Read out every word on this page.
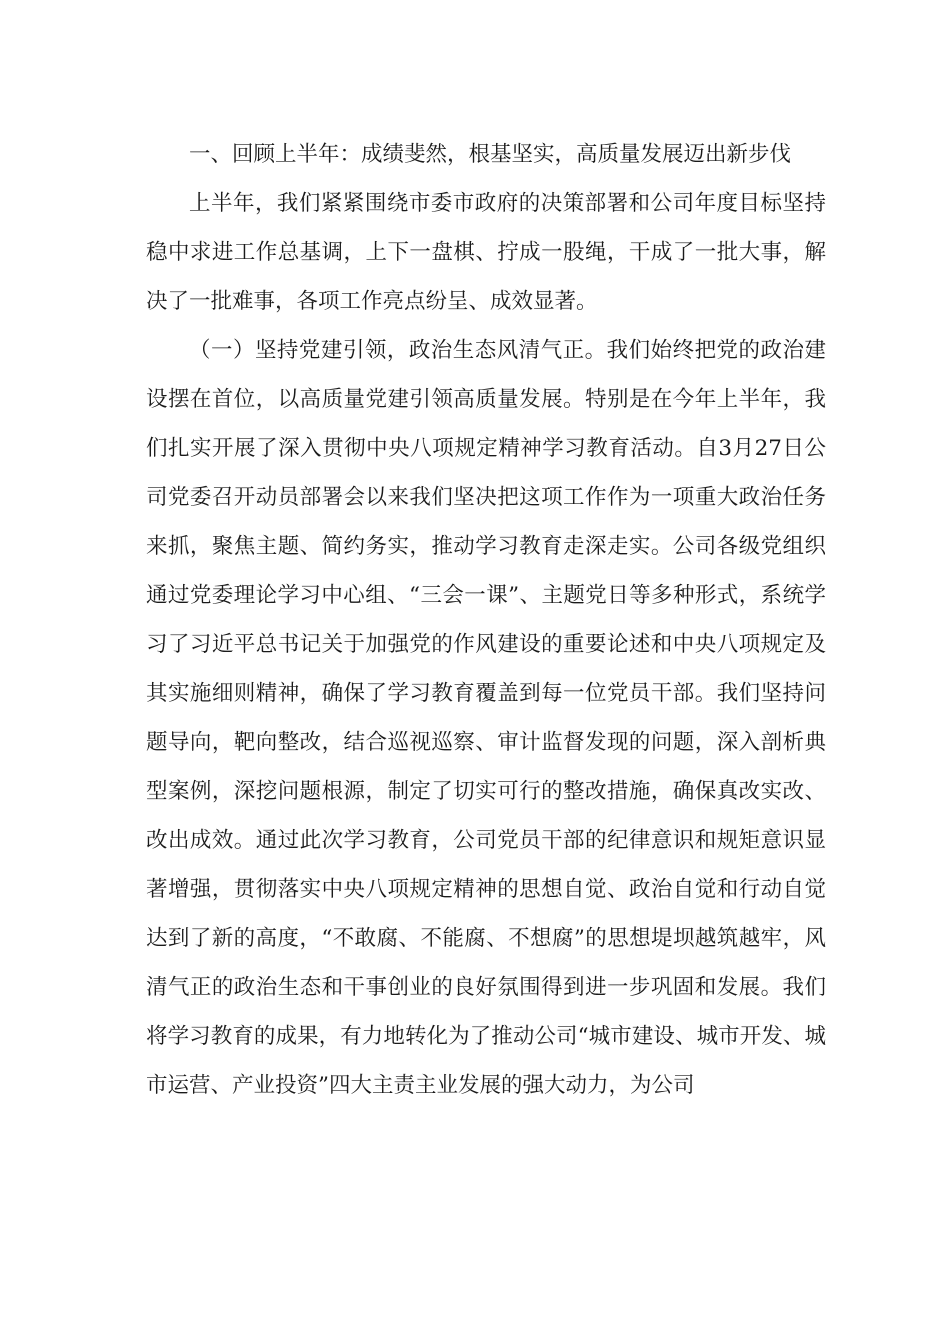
一、回顾上半年：成绩斐然，根基坚实，高质量发展迈出新步伐

上半年，我们紧紧围绕市委市政府的决策部署和公司年度目标坚持稳中求进工作总基调，上下一盘棋、拧成一股绳，干成了一批大事，解决了一批难事，各项工作亮点纷呈、成效显著。

（一）坚持党建引领，政治生态风清气正。我们始终把党的政治建设摆在首位，以高质量党建引领高质量发展。特别是在今年上半年，我们扎实开展了深入贯彻中央八项规定精神学习教育活动。自3月27日公司党委召开动员部署会以来我们坚决把这项工作作为一项重大政治任务来抓，聚焦主题、简约务实，推动学习教育走深走实。公司各级党组织通过党委理论学习中心组、“三会一课”、主题党日等多种形式，系统学习了习近平总书记关于加强党的作风建设的重要论述和中央八项规定及其实施细则精神，确保了学习教育覆盖到每一位党员干部。我们坚持问题导向，靶向整改，结合巡视巡察、审计监督发现的问题，深入剖析典型案例，深挖问题根源，制定了切实可行的整改措施，确保真改实改、改出成效。通过此次学习教育，公司党员干部的纪律意识和规矩意识显著增强，贯彻落实中央八项规定精神的思想自觉、政治自觉和行动自觉达到了新的高度，“不敢腐、不能腐、不想腐”的思想堤坝越筑越牢，风清气正的政治生态和干事创业的良好氛围得到进一步巩固和发展。我们将学习教育的成果，有力地转化为了推动公司“城市建设、城市开发、城市运营、产业投资”四大主责主业发展的强大动力，为公司
